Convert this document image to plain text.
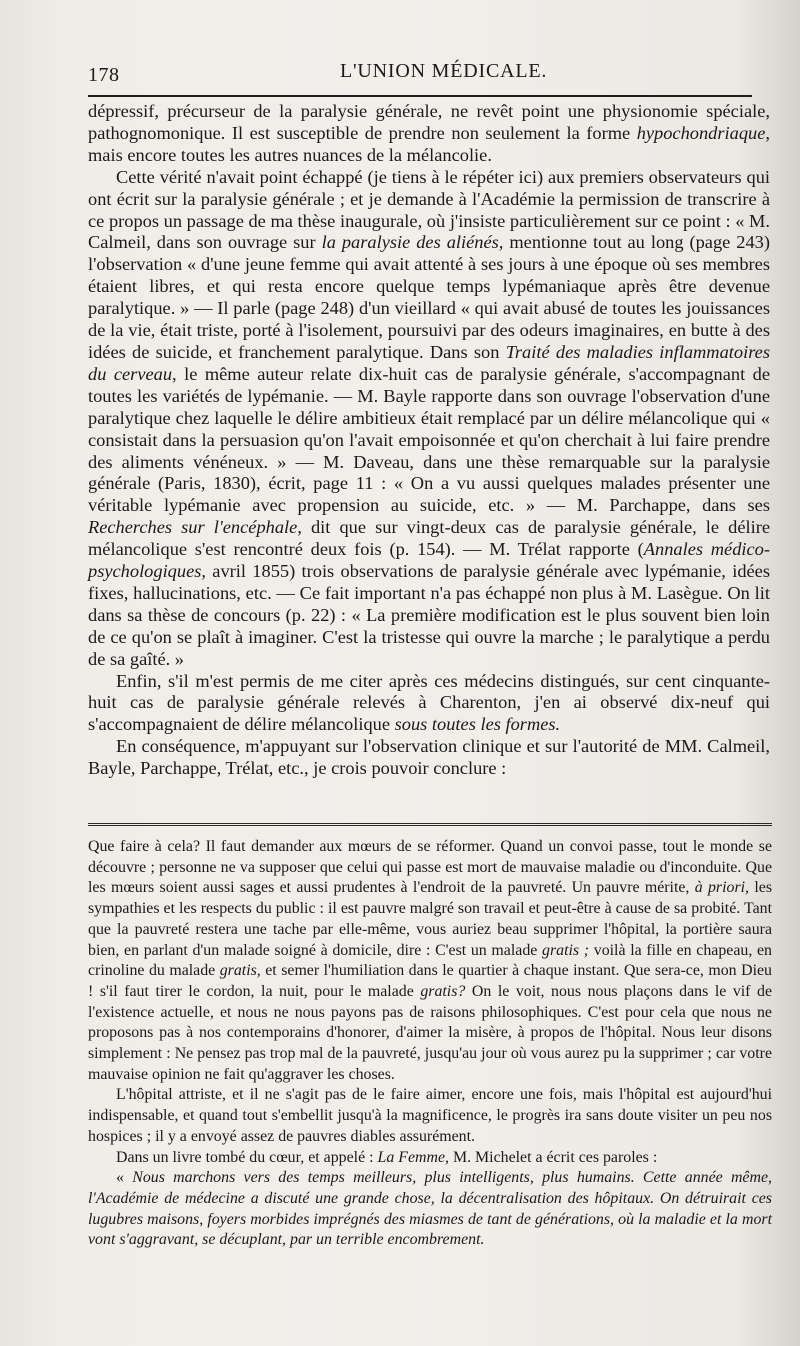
178	L'UNION MÉDICALE.

dépressif, précurseur de la paralysie générale, ne revêt point une physionomie spéciale, pathognomonique. Il est susceptible de prendre non seulement la forme hypochondriaque, mais encore toutes les autres nuances de la mélancolie.

Cette vérité n'avait point échappé (je tiens à le répéter ici) aux premiers observateurs qui ont écrit sur la paralysie générale ; et je demande à l'Académie la permission de transcrire à ce propos un passage de ma thèse inaugurale, où j'insiste particulièrement sur ce point : « M. Calmeil, dans son ouvrage sur la paralysie des aliénés, mentionne tout au long (page 243) l'observation « d'une jeune femme qui avait attenté à ses jours à une époque où ses membres étaient libres, et qui resta encore quelque temps lypémaniaque après être devenue paralytique. » — Il parle (page 248) d'un vieillard « qui avait abusé de toutes les jouissances de la vie, était triste, porté à l'isolement, poursuivi par des odeurs imaginaires, en butte à des idées de suicide, et franchement paralytique. Dans son Traité des maladies inflammatoires du cerveau, le même auteur relate dix-huit cas de paralysie générale, s'accompagnant de toutes les variétés de lypémanie. — M. Bayle rapporte dans son ouvrage l'observation d'une paralytique chez laquelle le délire ambitieux était remplacé par un délire mélancolique qui « consistait dans la persuasion qu'on l'avait empoisonnée et qu'on cherchait à lui faire prendre des aliments vénéneux. » — M. Daveau, dans une thèse remarquable sur la paralysie générale (Paris, 1830), écrit, page 11 : « On a vu aussi quelques malades présenter une véritable lypémanie avec propension au suicide, etc. » — M. Parchappe, dans ses Recherches sur l'encéphale, dit que sur vingt-deux cas de paralysie générale, le délire mélancolique s'est rencontré deux fois (p. 154). — M. Trélat rapporte (Annales médico-psychologiques, avril 1855) trois observations de paralysie générale avec lypémanie, idées fixes, hallucinations, etc. — Ce fait important n'a pas échappé non plus à M. Lasègue. On lit dans sa thèse de concours (p. 22) : « La première modification est le plus souvent bien loin de ce qu'on se plaît à imaginer. C'est la tristesse qui ouvre la marche ; le paralytique a perdu de sa gaîté. »

Enfin, s'il m'est permis de me citer après ces médecins distingués, sur cent cinquante-huit cas de paralysie générale relevés à Charenton, j'en ai observé dix-neuf qui s'accompagnaient de délire mélancolique sous toutes les formes.

En conséquence, m'appuyant sur l'observation clinique et sur l'autorité de MM. Calmeil, Bayle, Parchappe, Trélat, etc., je crois pouvoir conclure :

Que faire à cela? Il faut demander aux mœurs de se réformer. Quand un convoi passe, tout le monde se découvre ; personne ne va supposer que celui qui passe est mort de mauvaise maladie ou d'inconduite. Que les mœurs soient aussi sages et aussi prudentes à l'endroit de la pauvreté. Un pauvre mérite, à priori, les sympathies et les respects du public : il est pauvre malgré son travail et peut-être à cause de sa probité. Tant que la pauvreté restera une tache par elle-même, vous auriez beau supprimer l'hôpital, la portière saura bien, en parlant d'un malade soigné à domicile, dire : C'est un malade gratis ; voilà la fille en chapeau, en crinoline du malade gratis, et semer l'humiliation dans le quartier à chaque instant. Que sera-ce, mon Dieu ! s'il faut tirer le cordon, la nuit, pour le malade gratis? On le voit, nous nous plaçons dans le vif de l'existence actuelle, et nous ne nous payons pas de raisons philosophiques. C'est pour cela que nous ne proposons pas à nos contemporains d'honorer, d'aimer la misère, à propos de l'hôpital. Nous leur disons simplement : Ne pensez pas trop mal de la pauvreté, jusqu'au jour où vous aurez pu la supprimer ; car votre mauvaise opinion ne fait qu'aggraver les choses.

L'hôpital attriste, et il ne s'agit pas de le faire aimer, encore une fois, mais l'hôpital est aujourd'hui indispensable, et quand tout s'embellit jusqu'à la magnificence, le progrès ira sans doute visiter un peu nos hospices ; il y a envoyé assez de pauvres diables assurément.

Dans un livre tombé du cœur, et appelé : La Femme, M. Michelet a écrit ces paroles :

« Nous marchons vers des temps meilleurs, plus intelligents, plus humains. Cette année même, l'Académie de médecine a discuté une grande chose, la décentralisation des hôpitaux. On détruirait ces lugubres maisons, foyers morbides imprégnés des miasmes de tant de générations, où la maladie et la mort vont s'aggravant, se décuplant, par un terrible encombrement.
